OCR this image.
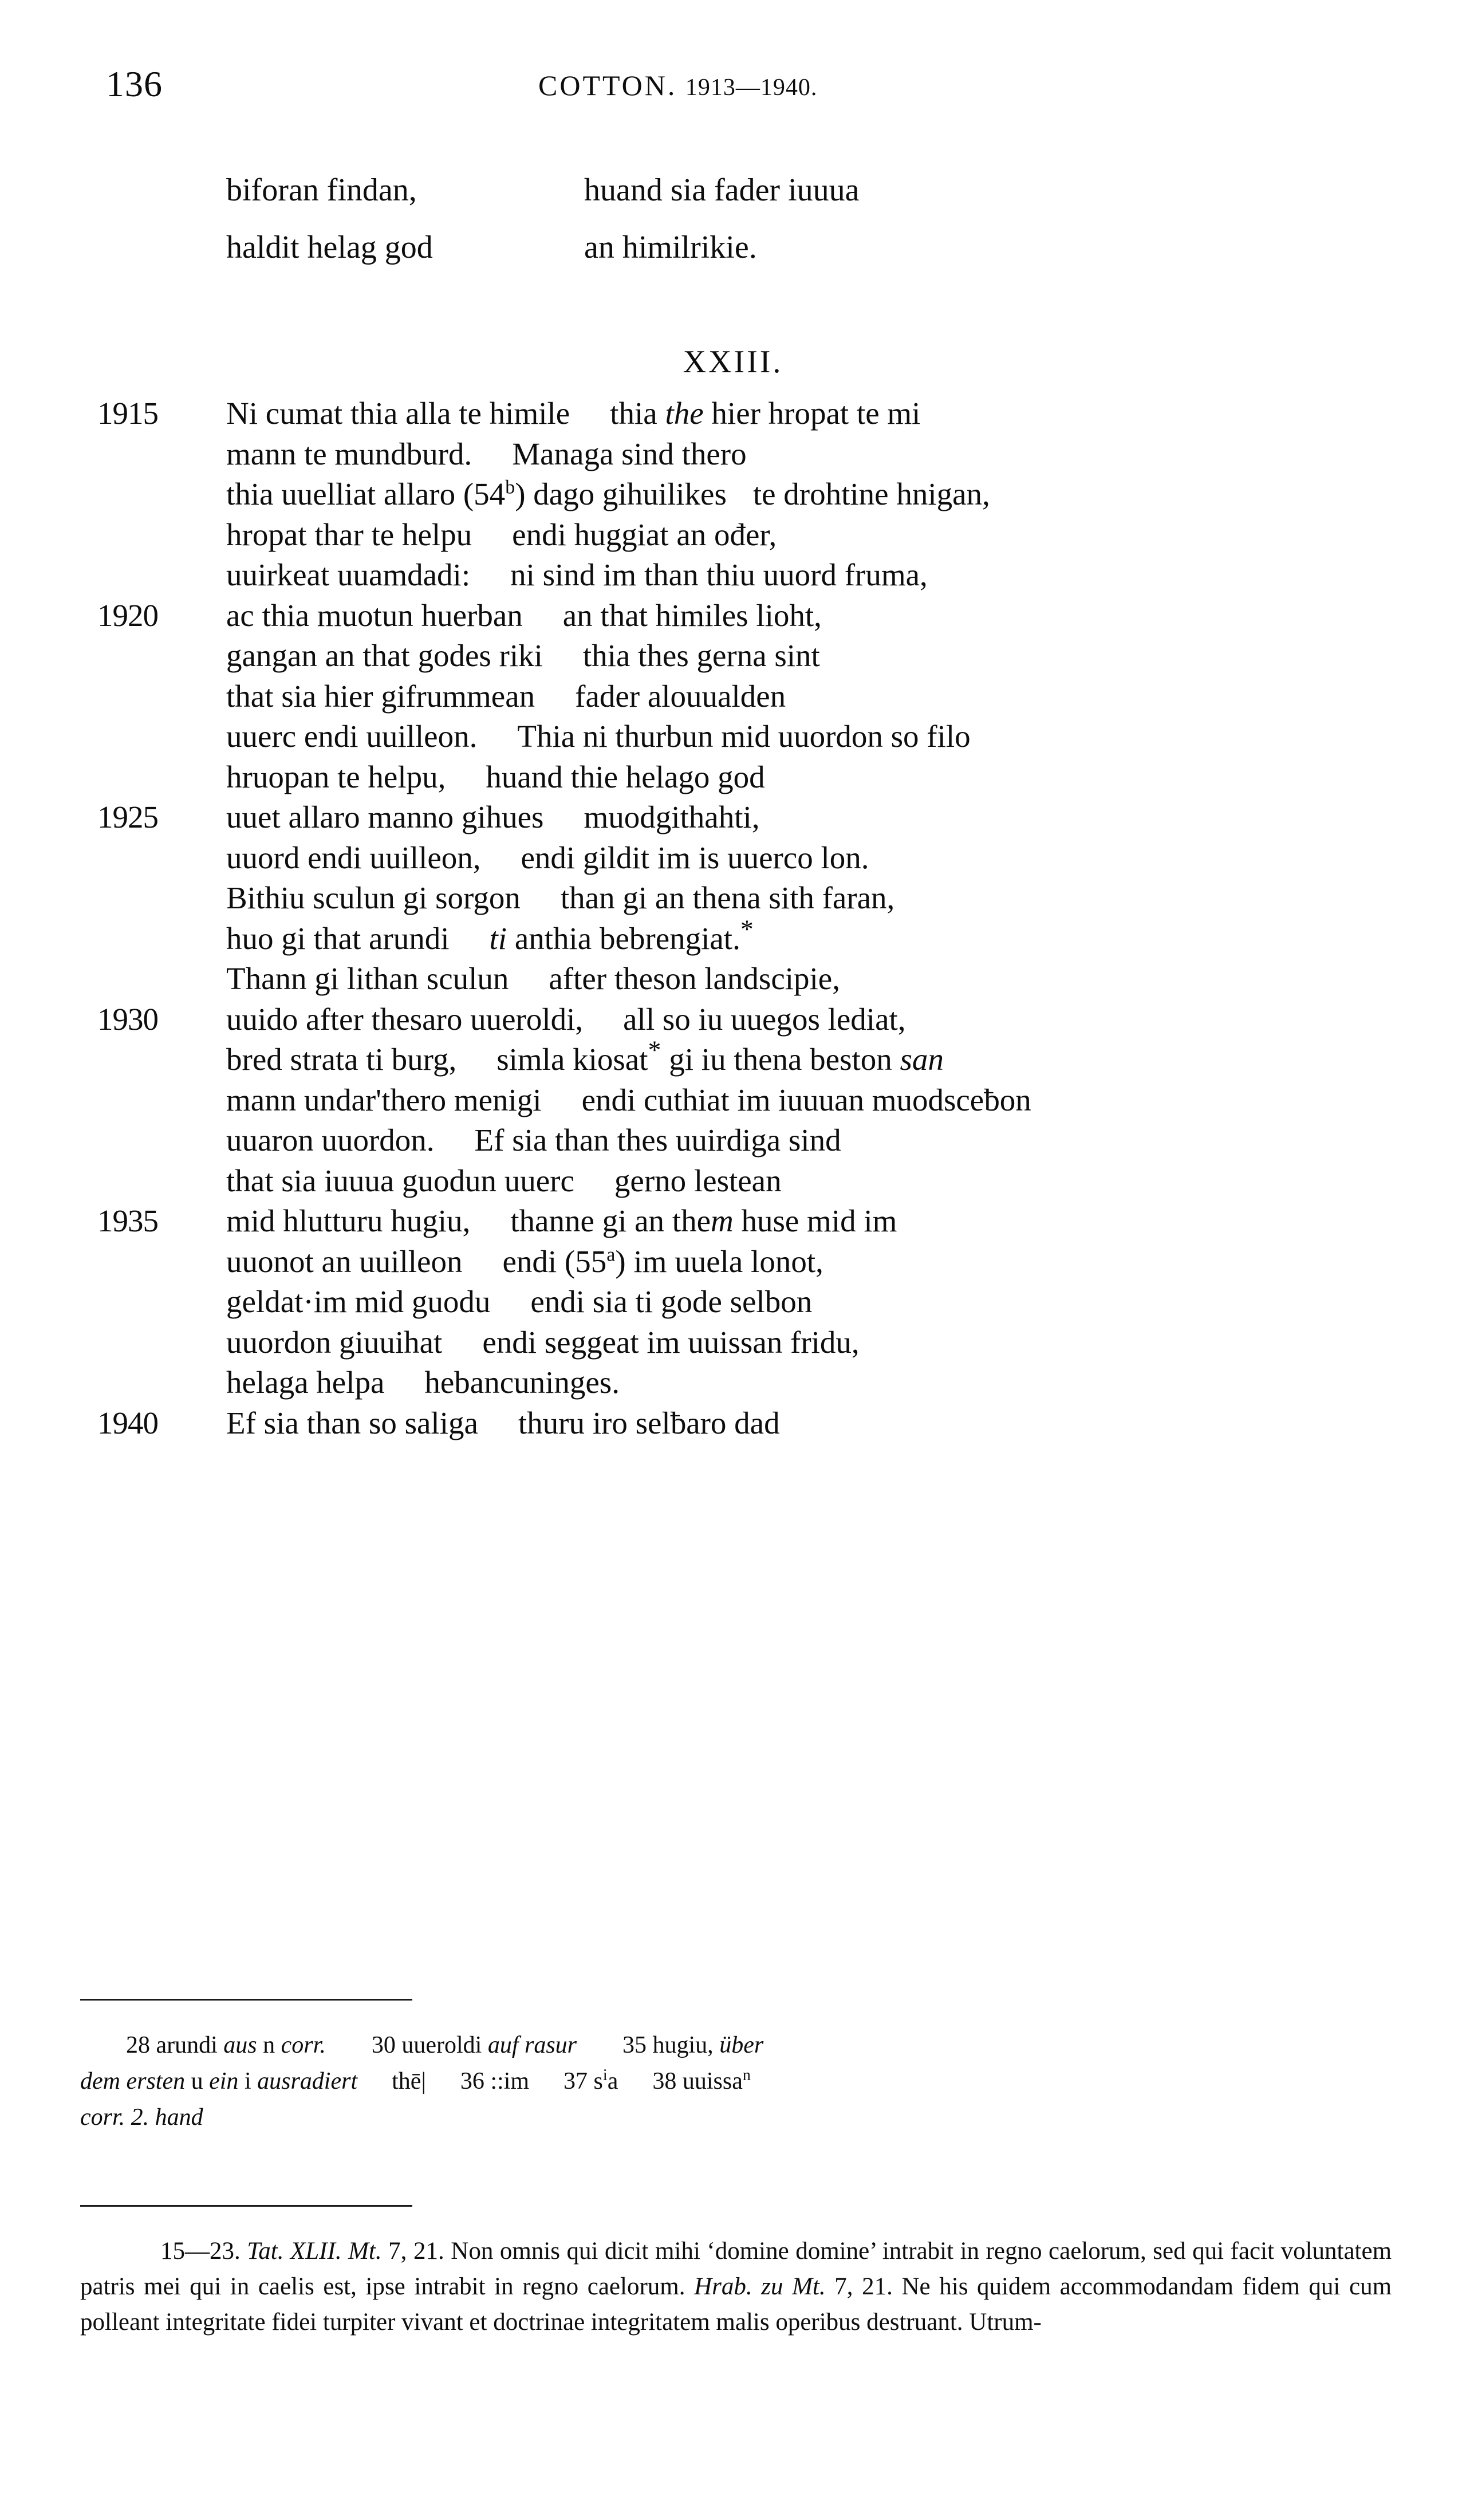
136	COTTON. 1913—1940.
biforan findan,	huand sia fader iuuua
haldit helag god	an himilrikie.
XXIII.
1915	Ni cumat thia alla te himile thia the hier hropat te mi
mann te mundburd. Managa sind thero
thia uuelliat allaro (54$^b$) dago gihuilikes te drohtine hnigan,
hropat thar te helpu endi huggiat an ođer,
uuirkeat uuamdadi: ni sind im than thiu uuord fruma,
1920	ac thia muotun huerban an that himiles lioht,
gangan an that godes riki thia thes gerna sint
that sia hier gifrummean fader alouualden
uuerc endi uuilleon. Thia ni thurbun mid uuordon so filo
hruopan te helpu, huand thie helago god
1925	uuet allaro manno gihues muodgithahti,
uuord endi uuilleon, endi gildit im is uuerco lon.
Bithiu sculun gi sorgon than gi an thena sith faran,
huo gi that arundi ti anthia bebrengiat.*
Thann gi lithan sculun after theson landscipie,
1930	uuido after thesaro uueroldi, all so iu uuegos lediat,
bred strata ti burg, simla kiosat* gi iu thena beston san
mann undar'thero menigi endi cuthiat im iuuuan muodsceƀon
uuaron uuordon. Ef sia than thes uuirdiga sind
that sia iuuua guodun uuerc gerno lestean
1935	mid hlutturu hugiu, thanne gi an them huse mid im
uuonot an uuilleon endi (55$^a$) im uuela lonot,
geldat·im mid guodu endi sia ti gode selbon
uuordon giuuihat endi seggeat im uuissan fridu,
helaga helpa hebancuninges.
1940	Ef sia than so saliga thuru iro selƀaro dad
28 arundi aus n corr. 30 uueroldi auf rasur 35 hugiu, über
dem ersten u ein i ausradiert thē| 36 ::im 37 $s^ia$ 38 uuissa$^n$
corr. 2. hand
15—23. Tat. XLII. Mt. 7, 21. Non omnis qui dicit mihi ‘domine domine’ intrabit in regno caelorum, sed qui facit voluntatem patris mei qui in caelis est, ipse intrabit in regno caelorum. Hrab. zu Mt. 7, 21. Ne his quidem accommodandam fidem qui cum polleant integritate fidei turpiter vivant et doctrinae integritatem malis operibus destruant. Utrum-
